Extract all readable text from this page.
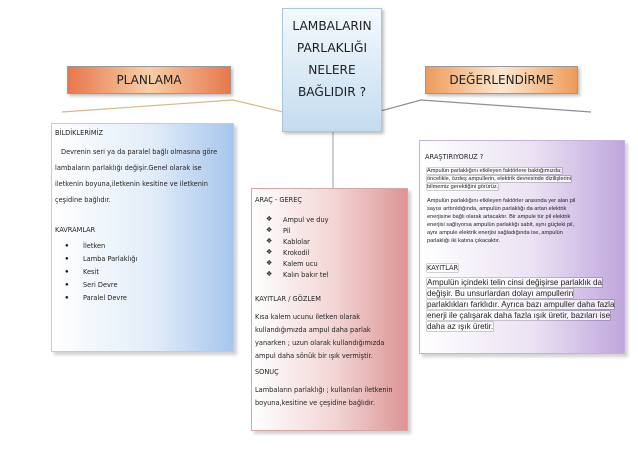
LAMBALARIN
PARLAKLIĞI
NELERE
BAĞLIDIR ?
PLANLAMA	DEĞERLENDİRME
BİLDİKLERİMİZ
Devrenin seri ya da paralel bağlı olmasına göre
lambaların parlaklığı değişir.Genel olarak ise
iletkenin boyuna,iletkenin kesitine ve iletkenin
çeşidine bağlıdır.
KAVRAMLAR
● İletken
● Lamba Parlaklığı
● Kesit
● Seri Devre
● Paralel Devre
ARAÇ - GEREÇ
❖ Ampul ve duy
❖ Pil
❖ Kablolar
❖ Krokodil
❖ Kalem ucu
❖ Kalın bakır tel
KAYITLAR / GÖZLEM
Kısa kalem ucunu iletken olarak
kullandığımızda ampul daha parlak
yanarken ; uzun olarak kullandığımızda
ampul daha sönük bir ışık vermiştir.
SONUÇ
Lambaların parlaklığı ; kullanılan iletkenin
boyuna,kesitine ve çeşidine bağlıdır.
ARAŞTIRIYORUZ ?
Ampulün parlaklığını etkileyen faktörlere baktığımızda;
öncelikle, özdeş ampullerin, elektrik devresinde dizilişlerini
bilmemiz gerektiğini görürüz.
Ampulün parlaklığını etkileyen faktörler arasında yer alan pil
sayısı arttırıldığında, ampulün parlaklığı da artan elektrik
enerjisine bağlı olarak artacaktır. Bir ampule tür pil elektrik
enerjisi sağlıyorsa ampulün parlaklığı sabit, aynı güçteki pil,
aynı ampule elektrik enerjisi sağladığında ise, ampulün
parlaklığı iki katına çıkacaktır.
KAYITLAR
Ampulün içindeki telin cinsi değişirse parlaklık da
değişir. Bu unsurlardan dolayı ampullerin
parlaklıkları farklıdır. Ayrıca bazı ampuller daha fazla
enerji ile çalışarak daha fazla ışık üretir, bazıları ise
daha az ışık üretir.
